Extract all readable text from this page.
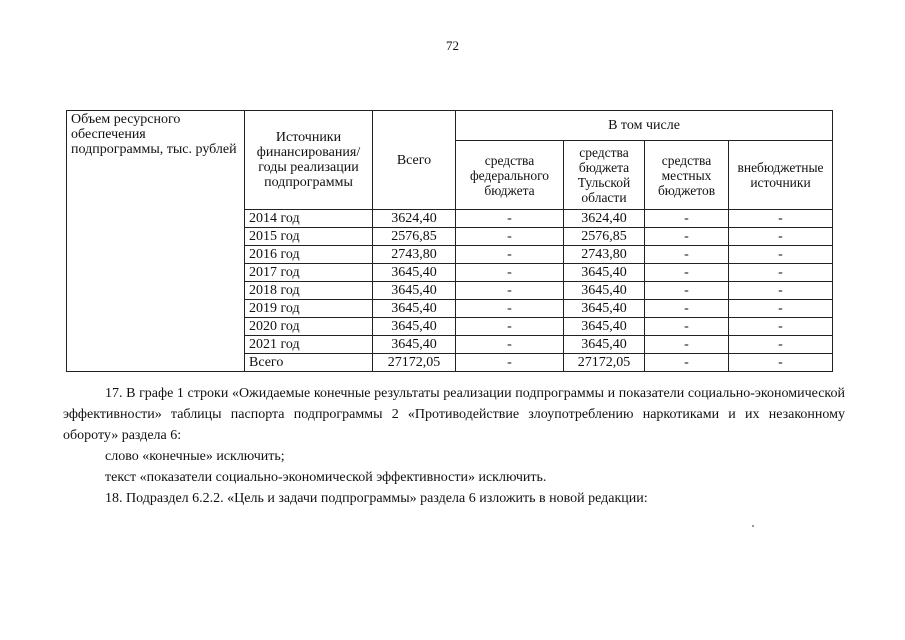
72
Объем ресурсного обеспечения подпрограммы, тыс. рублей	Источники финансирования/ годы реализации подпрограммы	Всего	В том числе			
			средства федерального бюджета	средства бюджета Тульской области	средства местных бюджетов	внебюджетные источники
	2014 год	3624,40	-	3624,40	-	-
	2015 год	2576,85	-	2576,85	-	-
	2016 год	2743,80	-	2743,80	-	-
	2017 год	3645,40	-	3645,40	-	-
	2018 год	3645,40	-	3645,40	-	-
	2019 год	3645,40	-	3645,40	-	-
	2020 год	3645,40	-	3645,40	-	-
	2021 год	3645,40	-	3645,40	-	-
	Всего	27172,05	-	27172,05	-	-

17. В графе 1 строки «Ожидаемые конечные результаты реализации подпрограммы и показатели социально-экономической эффективности» таблицы паспорта подпрограммы 2 «Противодействие злоупотреблению наркотиками и их незаконному обороту» раздела 6:

слово «конечные» исключить;

текст «показатели социально-экономической эффективности» исключить.

18. Подраздел 6.2.2. «Цель и задачи подпрограммы» раздела 6 изложить в новой редакции:
